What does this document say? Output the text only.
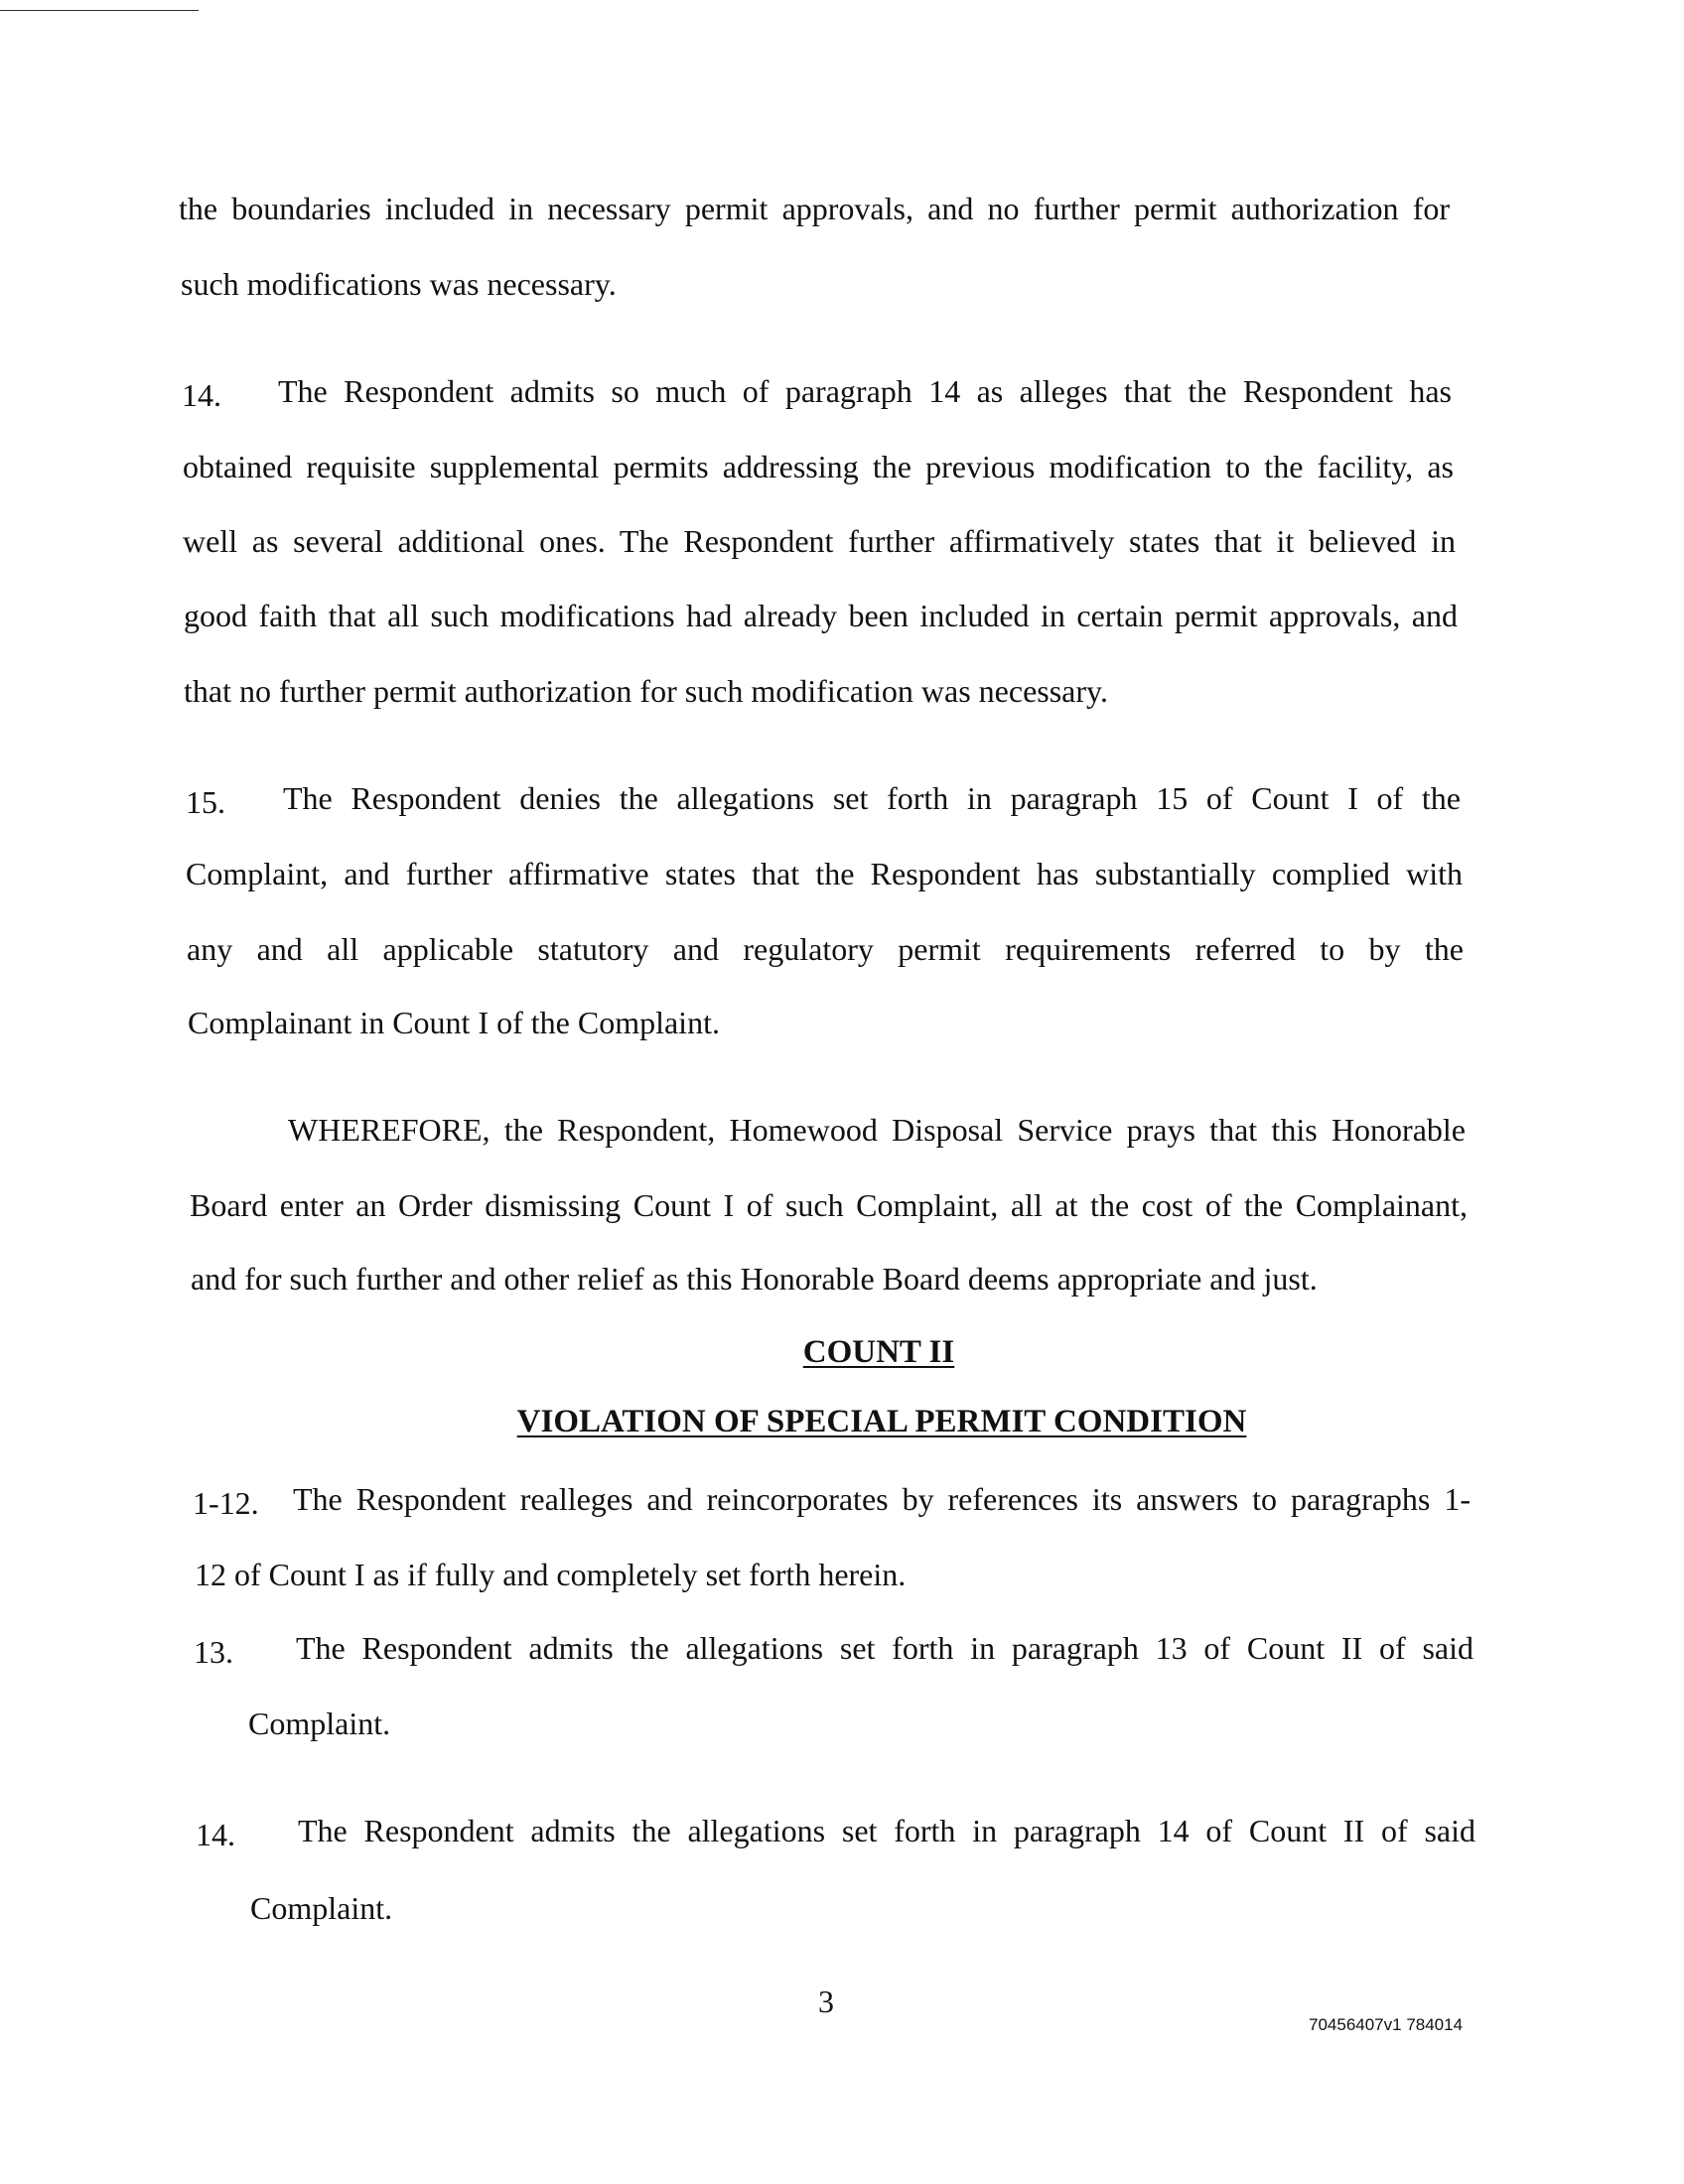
the boundaries included in necessary permit approvals, and no further permit authorization for
such modifications was necessary.
14. The Respondent admits so much of paragraph 14 as alleges that the Respondent has
obtained requisite supplemental permits addressing the previous modification to the facility, as
well as several additional ones. The Respondent further affirmatively states that it believed in
good faith that all such modifications had already been included in certain permit approvals, and
that no further permit authorization for such modification was necessary.
15. The Respondent denies the allegations set forth in paragraph 15 of Count I of the
Complaint, and further affirmative states that the Respondent has substantially complied with
any and all applicable statutory and regulatory permit requirements referred to by the
Complainant in Count I of the Complaint.
WHEREFORE, the Respondent, Homewood Disposal Service prays that this Honorable
Board enter an Order dismissing Count I of such Complaint, all at the cost of the Complainant,
and for such further and other relief as this Honorable Board deems appropriate and just.
COUNT II
VIOLATION OF SPECIAL PERMIT CONDITION
1-12. The Respondent realleges and reincorporates by references its answers to paragraphs 1-
12 of Count I as if fully and completely set forth herein.
13. The Respondent admits the allegations set forth in paragraph 13 of Count II of said
Complaint.
14. The Respondent admits the allegations set forth in paragraph 14 of Count II of said
Complaint.
3
70456407v1 784014
